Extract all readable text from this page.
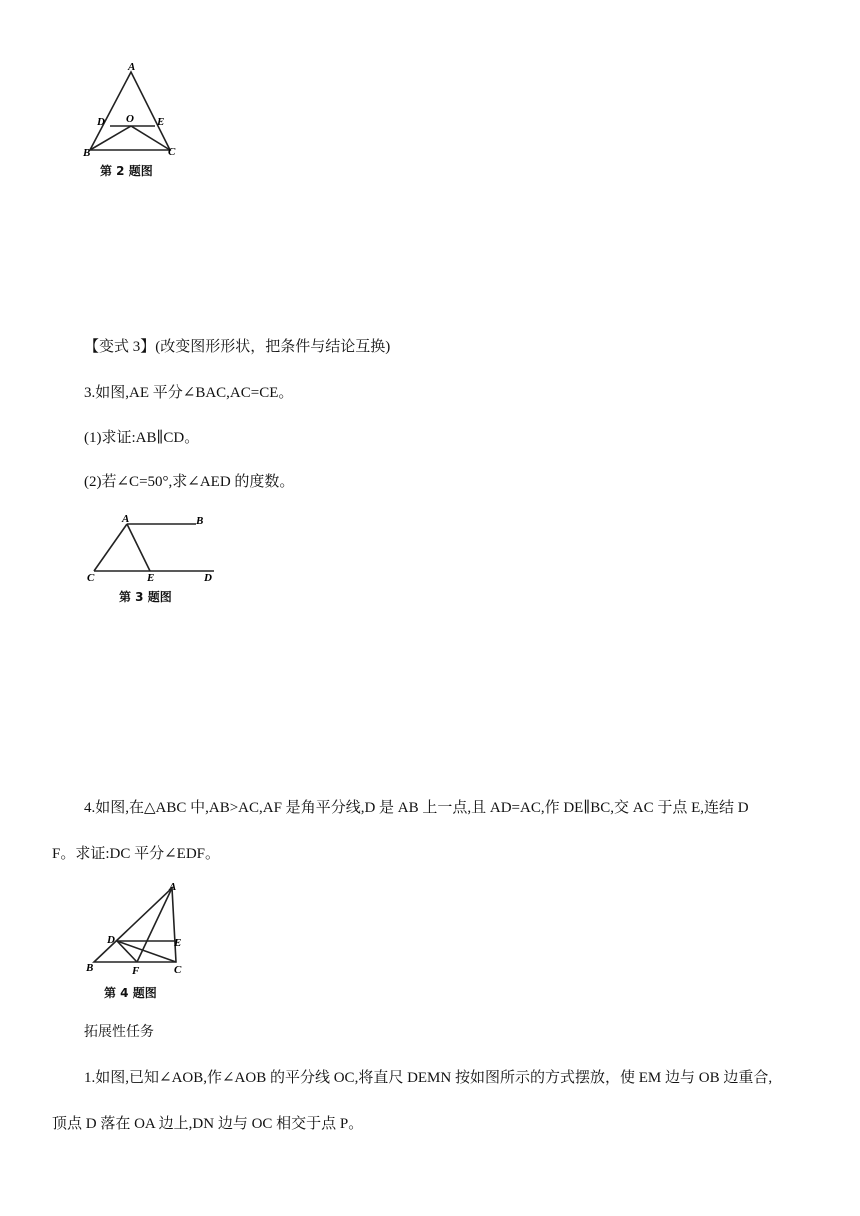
A
D O E
B	C
第 2 题图
【变式 3】(改变图形形状，把条件与结论互换)
3.如图,AE 平分∠BAC,AC=CE。
(1)求证:AB∥CD。
(2)若∠C=50°,求∠AED 的度数。
A	B
C	E	D
第 3 题图
4.如图,在△ABC 中,AB>AC,AF 是角平分线,D 是 AB 上一点,且 AD=AC,作 DE∥BC,交 AC 于点 E,连结 D
F。求证:DC 平分∠EDF。
A
D	E
B	F	C
第 4 题图
拓展性任务
1.如图,已知∠AOB,作∠AOB 的平分线 OC,将直尺 DEMN 按如图所示的方式摆放，使 EM 边与 OB 边重合,
顶点 D 落在 OA 边上,DN 边与 OC 相交于点 P。
